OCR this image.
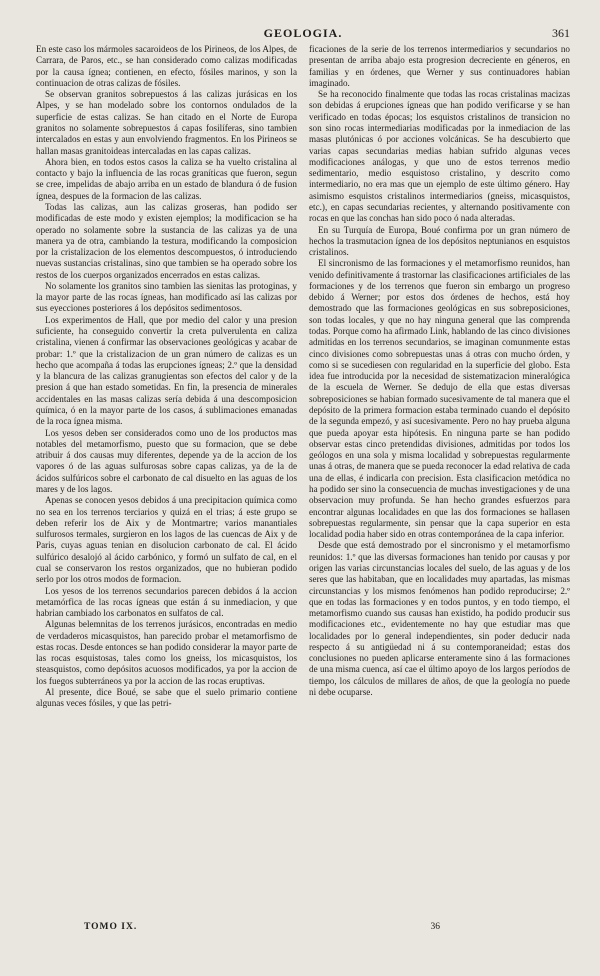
GEOLOGIA.	361

En este caso los mármoles sacaroideos de los Pirineos, de los Alpes, de Carrara, de Paros, etc., se han considerado como calizas modificadas por la causa ígnea; contienen, en efecto, fósiles marinos, y son la continuacion de otras calizas de fósiles.

Se observan granitos sobrepuestos á las calizas jurásicas en los Alpes, y se han modelado sobre los contornos ondulados de la superficie de estas calizas. Se han citado en el Norte de Europa granitos no solamente sobrepuestos á capas fosilíferas, sino tambien intercalados en estas y aun envolviendo fragmentos. En los Pirineos se hallan masas granitoideas intercaladas en las capas calizas.

Ahora bien, en todos estos casos la caliza se ha vuelto cristalina al contacto y bajo la influencia de las rocas graníticas que fueron, segun se cree, impelidas de abajo arriba en un estado de blandura ó de fusion ígnea, despues de la formacion de las calizas.

Todas las calizas, aun las calizas groseras, han podido ser modificadas de este modo y existen ejemplos; la modificacion se ha operado no solamente sobre la sustancia de las calizas ya de una manera ya de otra, cambiando la testura, modificando la composicion por la cristalizacion de los elementos descompuestos, ó introduciendo nuevas sustancias cristalinas, sino que tambien se ha operado sobre los restos de los cuerpos organizados encerrados en estas calizas.

No solamente los granitos sino tambien las sienitas las protoginas, y la mayor parte de las rocas ígneas, han modificado así las calizas por sus eyecciones posteriores á los depósitos sedimentosos.

Los experimentos de Hall, que por medio del calor y una presion suficiente, ha conseguido convertir la creta pulverulenta en caliza cristalina, vienen á confirmar las observaciones geológicas y acabar de probar: 1.º que la cristalizacion de un gran número de calizas es un hecho que acompaña á todas las erupciones ígneas; 2.º que la densidad y la blancura de las calizas granugientas son efectos del calor y de la presion á que han estado sometidas. En fin, la presencia de minerales accidentales en las masas calizas sería debida á una descomposicion química, ó en la mayor parte de los casos, á sublimaciones emanadas de la roca ígnea misma.

Los yesos deben ser considerados como uno de los productos mas notables del metamorfismo, puesto que su formacion, que se debe atribuir á dos causas muy diferentes, depende ya de la accion de los vapores ó de las aguas sulfurosas sobre capas calizas, ya de la de ácidos sulfúricos sobre el carbonato de cal disuelto en las aguas de los mares y de los lagos.

Apenas se conocen yesos debidos á una precipitacion química como no sea en los terrenos terciarios y quizá en el trias; á este grupo se deben referir los de Aix y de Montmartre; varios manantiales sulfurosos termales, surgieron en los lagos de las cuencas de Aix y de Paris, cuyas aguas tenian en disolucion carbonato de cal. El ácido sulfúrico desalojó al ácido carbónico, y formó un sulfato de cal, en el cual se conservaron los restos organizados, que no hubieran podido serlo por los otros modos de formacion.

Los yesos de los terrenos secundarios parecen debidos á la accion metamórfica de las rocas ígneas que están á su inmediacion, y que habrian cambiado los carbonatos en sulfatos de cal.

Algunas belemnitas de los terrenos jurásicos, encontradas en medio de verdaderos micasquistos, han parecido probar el metamorfismo de estas rocas. Desde entonces se han podido considerar la mayor parte de las rocas esquistosas, tales como los gneiss, los micasquistos, los steasquistos, como depósitos acuosos modificados, ya por la accion de los fuegos subterráneos ya por la accion de las rocas eruptivas.

Al presente, dice Boué, se sabe que el suelo primario contiene algunas veces fósiles, y que las petri-

ficaciones de la serie de los terrenos intermediarios y secundarios no presentan de arriba abajo esta progresion decreciente en géneros, en familias y en órdenes, que Werner y sus continuadores habian imaginado.

Se ha reconocido finalmente que todas las rocas cristalinas macizas son debidas á erupciones ígneas que han podido verificarse y se han verificado en todas épocas; los esquistos cristalinos de transicion no son sino rocas intermediarias modificadas por la inmediacion de las masas plutónicas ó por acciones volcánicas. Se ha descubierto que varias capas secundarias medias habian sufrido algunas veces modificaciones análogas, y que uno de estos terrenos medio sedimentario, medio esquistoso cristalino, y descrito como intermediario, no era mas que un ejemplo de este último género. Hay asimismo esquistos cristalinos intermediarios (gneiss, micasquistos, etc.), en capas secundarias recientes, y alternando positivamente con rocas en que las conchas han sido poco ó nada alteradas.

En su Turquía de Europa, Boué confirma por un gran número de hechos la trasmutacion ígnea de los depósitos neptunianos en esquistos cristalinos.

El sincronismo de las formaciones y el metamorfismo reunidos, han venido definitivamente á trastornar las clasificaciones artificiales de las formaciones y de los terrenos que fueron sin embargo un progreso debido á Werner; por estos dos órdenes de hechos, está hoy demostrado que las formaciones geológicas en sus sobreposiciones, son todas locales, y que no hay ninguna general que las comprenda todas. Porque como ha afirmado Link, hablando de las cinco divisiones admitidas en los terrenos secundarios, se imaginan comunmente estas cinco divisiones como sobrepuestas unas á otras con mucho órden, y como si se sucediesen con regularidad en la superficie del globo. Esta idea fue introducida por la necesidad de sistematizacion mineralógica de la escuela de Werner. Se dedujo de ella que estas diversas sobreposiciones se habian formado sucesivamente de tal manera que el depósito de la primera formacion estaba terminado cuando el depósito de la segunda empezó, y así sucesivamente. Pero no hay prueba alguna que pueda apoyar esta hipótesis. En ninguna parte se han podido observar estas cinco pretendidas divisiones, admitidas por todos los geólogos en una sola y misma localidad y sobrepuestas regularmente unas á otras, de manera que se pueda reconocer la edad relativa de cada una de ellas, é indicarla con precision. Esta clasificacion metódica no ha podido ser sino la consecuencia de muchas investigaciones y de una observacion muy profunda. Se han hecho grandes esfuerzos para encontrar algunas localidades en que las dos formaciones se hallasen sobrepuestas regularmente, sin pensar que la capa superior en esta localidad podia haber sido en otras contemporánea de la capa inferior.

Desde que está demostrado por el sincronismo y el metamorfismo reunidos: 1.º que las diversas formaciones han tenido por causas y por origen las varias circunstancias locales del suelo, de las aguas y de los seres que las habitaban, que en localidades muy apartadas, las mismas circunstancias y los mismos fenómenos han podido reproducirse; 2.º que en todas las formaciones y en todos puntos, y en todo tiempo, el metamorfismo cuando sus causas han existido, ha podido producir sus modificaciones etc., evidentemente no hay que estudiar mas que localidades por lo general independientes, sin poder deducir nada respecto á su antigüedad ni á su contemporaneidad; estas dos conclusiones no pueden aplicarse enteramente sino á las formaciones de una misma cuenca, así cae el último apoyo de los largos períodos de tiempo, los cálculos de millares de años, de que la geología no puede ni debe ocuparse.

TOMO IX.	36
